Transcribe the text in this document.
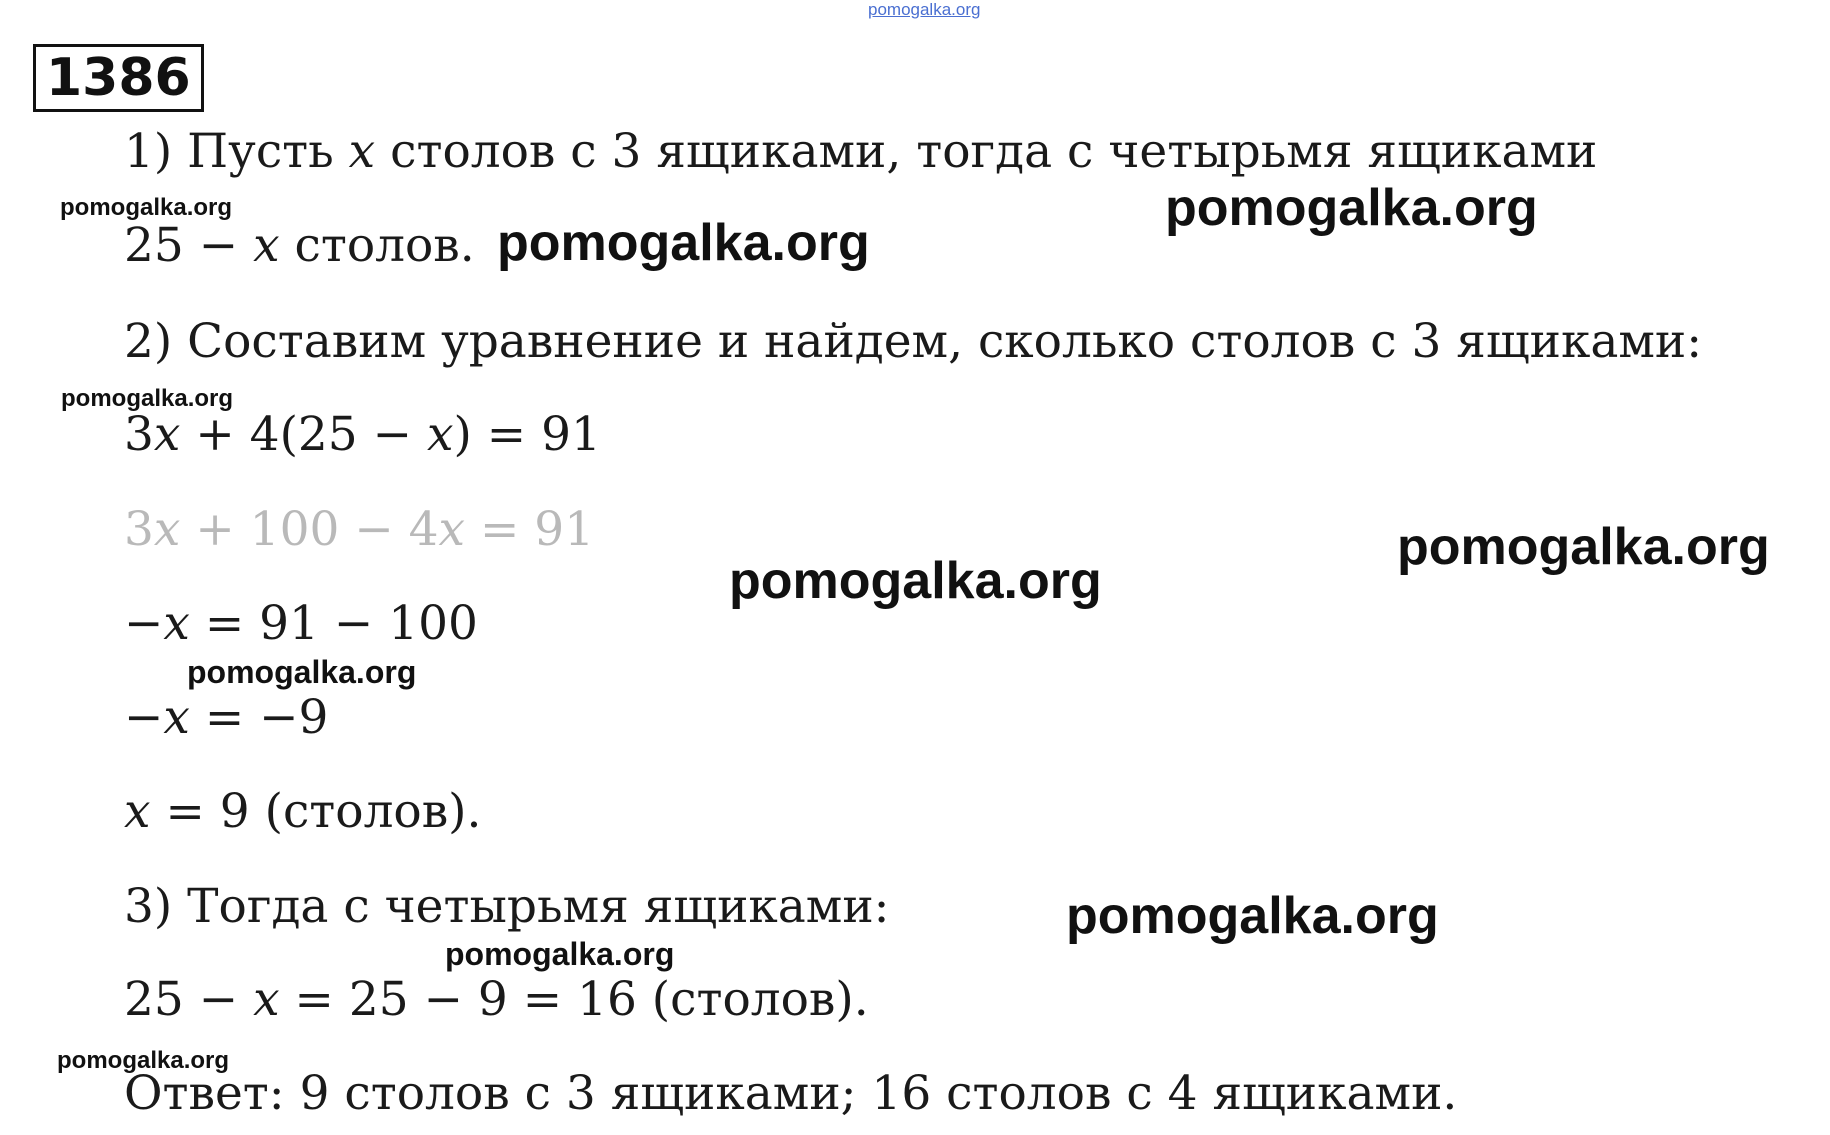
pomogalka.org
1386
1) Пусть 𝑥 столов с 3 ящиками, тогда с четырьмя ящиками
25 − 𝑥 столов.
2) Составим уравнение и найдем, сколько столов с 3 ящиками:
3𝑥 + 4(25 − 𝑥) = 91
3𝑥 + 100 − 4𝑥 = 91
−𝑥 = 91 − 100
−𝑥 = −9
𝑥 = 9 (столов).
3) Тогда с четырьмя ящиками:
25 − 𝑥 = 25 − 9 = 16 (столов).
Ответ: 9 столов с 3 ящиками; 16 столов с 4 ящиками.
pomogalka.org	pomogalka.org
pomogalka.org
pomogalka.org
pomogalka.org
pomogalka.org
pomogalka.org
pomogalka.org
pomogalka.org
pomogalka.org
